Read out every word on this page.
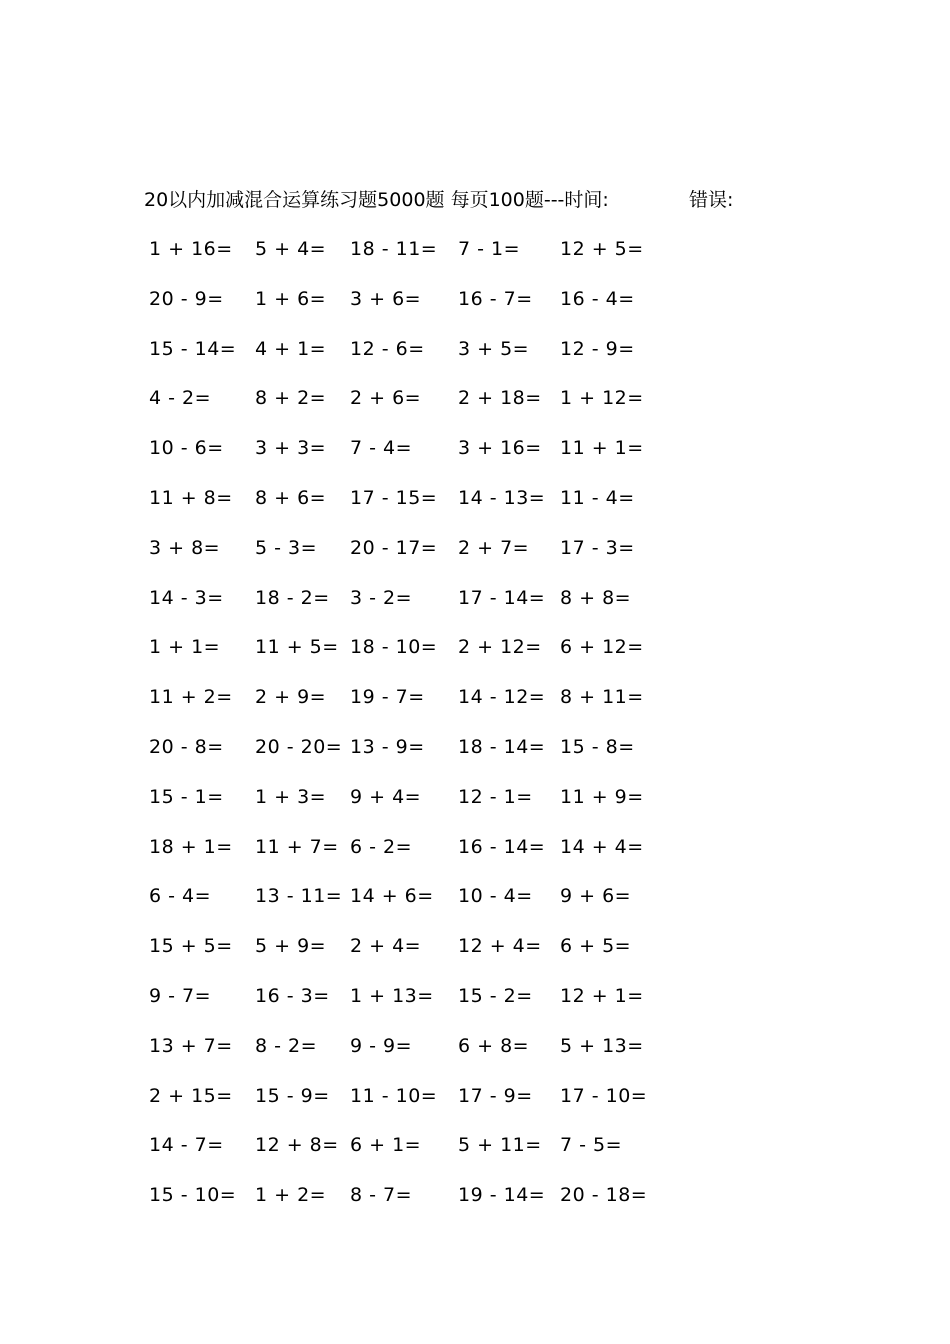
20以内加减混合运算练习题5000题 每页100题---时间:	错误:
1 + 16= 5 + 4= 18 - 11= 7 - 1= 12 + 5=
20 - 9= 1 + 6= 3 + 6= 16 - 7= 16 - 4=
15 - 14= 4 + 1= 12 - 6= 3 + 5= 12 - 9=
4 - 2= 8 + 2= 2 + 6= 2 + 18= 1 + 12=
10 - 6= 3 + 3= 7 - 4= 3 + 16= 11 + 1=
11 + 8= 8 + 6= 17 - 15= 14 - 13= 11 - 4=
3 + 8= 5 - 3= 20 - 17= 2 + 7= 17 - 3=
14 - 3= 18 - 2= 3 - 2= 17 - 14= 8 + 8=
1 + 1= 11 + 5= 18 - 10= 2 + 12= 6 + 12=
11 + 2= 2 + 9= 19 - 7= 14 - 12= 8 + 11=
20 - 8= 20 - 20= 13 - 9= 18 - 14= 15 - 8=
15 - 1= 1 + 3= 9 + 4= 12 - 1= 11 + 9=
18 + 1= 11 + 7= 6 - 2= 16 - 14= 14 + 4=
6 - 4= 13 - 11= 14 + 6= 10 - 4= 9 + 6=
15 + 5= 5 + 9= 2 + 4= 12 + 4= 6 + 5=
9 - 7= 16 - 3= 1 + 13= 15 - 2= 12 + 1=
13 + 7= 8 - 2= 9 - 9= 6 + 8= 5 + 13=
2 + 15= 15 - 9= 11 - 10= 17 - 9= 17 - 10=
14 - 7= 12 + 8= 6 + 1= 5 + 11= 7 - 5=
15 - 10= 1 + 2= 8 - 7= 19 - 14= 20 - 18=
